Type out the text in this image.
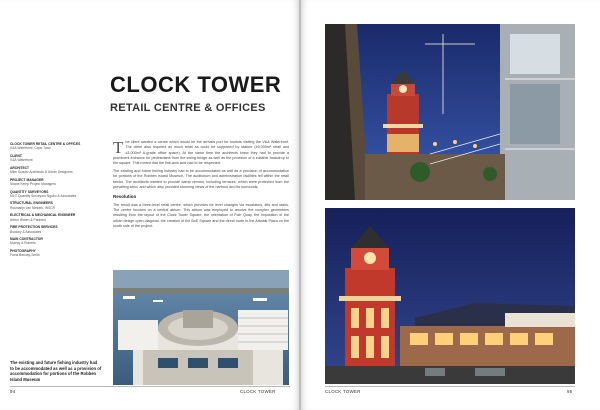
CLOCK TOWER
RETAIL CENTRE & OFFICES
CLOCK TOWER RETAIL CENTRE & OFFICES
V&A Waterfront, Cape Town
CLIENT
V&A Waterfront
ARCHITECT
Mike Schultz Architects & Urban Designers
PROJECT MANAGER
Shane Kemp Project Managers
QUANTITY SURVEYORS
MLC Quantity Surveyors Ngubo & Associates
STRUCTURAL ENGINEERS
Rosmarijn van Niekerk, WSCR
ELECTRICAL & MECHANICAL ENGINEER
Arthur Waren & Partners
FIRE PROTECTION SERVICES
Buckley & Associates
MAIN CONTRACTOR
Murray & Roberts
PHOTOGRAPHY
Fiona Barclay-Smith

The client wanted a centre which would be the arrivals port for tourists visiting the V&A Waterfront. The client also required as much retail as could be supported by stature (±5,000m² retail and ±3,000m² A-grade office space). At the same time the architects knew they had to provide a prominent entrance for pedestrians from the swing bridge as well as the provision of a suitable backdrop to the square. This meant that the fine-axis axis had to be respected.

The existing and future fishing industry had to be accommodated as well as a provision of accommodation for portions of the Robben Island Museum. The auditorium and administration facilities fell within the retail sector. The architects wanted to provide damp venues, including terraces, which were protected from the prevailing wind, and which also provided stunning views of the harbour and its surrounds.

Resolution

The result was a three-level retail centre, which provides for level changes via escalators, lifts and stairs. The centre focuses on a central atrium. This atrium was employed to resolve the complex geometries resulting from the layout of the Clock Tower Square, the orientation of Fish Quay, the imposition of the urban design open diagonal, the creation of the BoE Square and the direct route to the Artwalk Plaza on the south side of the project.

The existing and future fishing industry had to be accommodated as well as a provision of accommodation for portions of the Robben Island Museum
94	CLOCK TOWER	CLOCK TOWER	95
